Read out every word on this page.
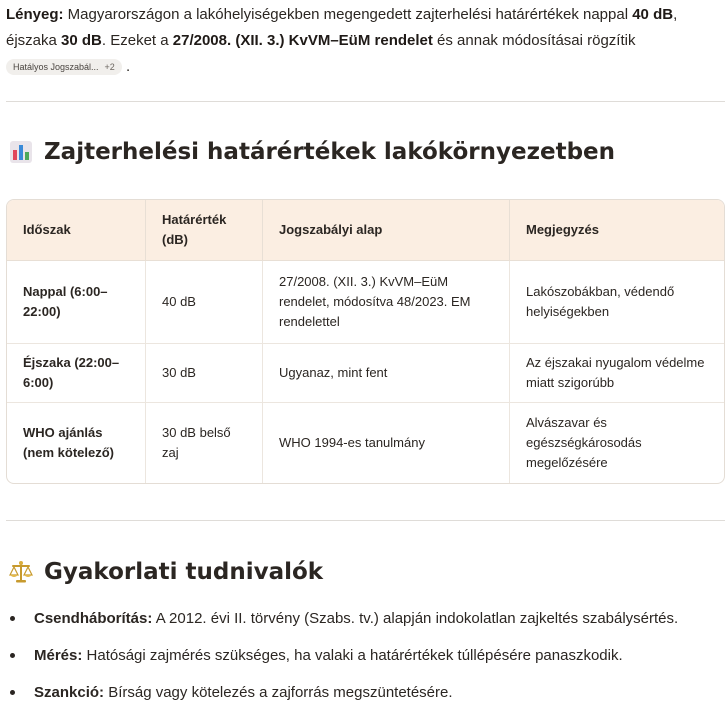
Lényeg: Magyarországon a lakóhelyiségekben megengedett zajterhelési határértékek nappal 40 dB, éjszaka 30 dB. Ezeket a 27/2008. (XII. 3.) KvVM–EüM rendelet és annak módosításai rögzítik
Hatályos Jogszabál... +2 .

Zajterhelési határértékek lakókörnyezetben
Időszak	Határérték (dB)	Jogszabályi alap	Megjegyzés
Nappal (6:00–22:00)	40 dB	27/2008. (XII. 3.) KvVM–EüM rendelet, módosítva 48/2023. EM rendelettel	Lakószobákban, védendő helyiségekben
Éjszaka (22:00–6:00)	30 dB	Ugyanaz, mint fent	Az éjszakai nyugalom védelme miatt szigorúbb
WHO ajánlás (nem kötelező)	30 dB belső zaj	WHO 1994-es tanulmány	Alvászavar és egészségkárosodás megelőzésére
Gyakorlati tudnivalók
Csendháborítás: A 2012. évi II. törvény (Szabs. tv.) alapján indokolatlan zajkeltés szabálysértés.
Mérés: Hatósági zajmérés szükséges, ha valaki a határértékek túllépésére panaszkodik.
Szankció: Bírság vagy kötelezés a zajforrás megszüntetésére.
